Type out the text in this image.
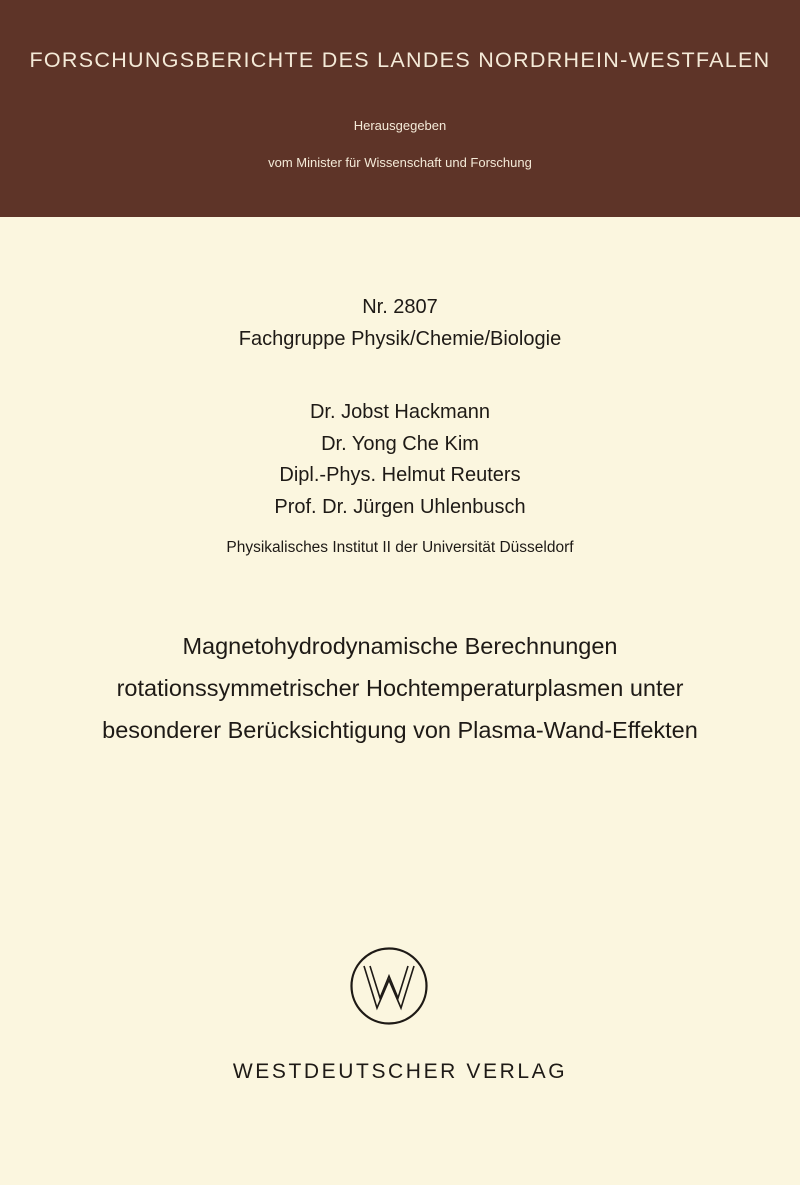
FORSCHUNGSBERICHTE DES LANDES NORDRHEIN-WESTFALEN
Herausgegeben
vom Minister für Wissenschaft und Forschung
Nr. 2807
Fachgruppe Physik/Chemie/Biologie
Dr. Jobst Hackmann
Dr. Yong Che Kim
Dipl.-Phys. Helmut Reuters
Prof. Dr. Jürgen Uhlenbusch
Physikalisches Institut II der Universität Düsseldorf
Magnetohydrodynamische Berechnungen
rotationssymmetrischer Hochtemperaturplasmen unter
besonderer Berücksichtigung von Plasma-Wand-Effekten
WESTDEUTSCHER VERLAG
